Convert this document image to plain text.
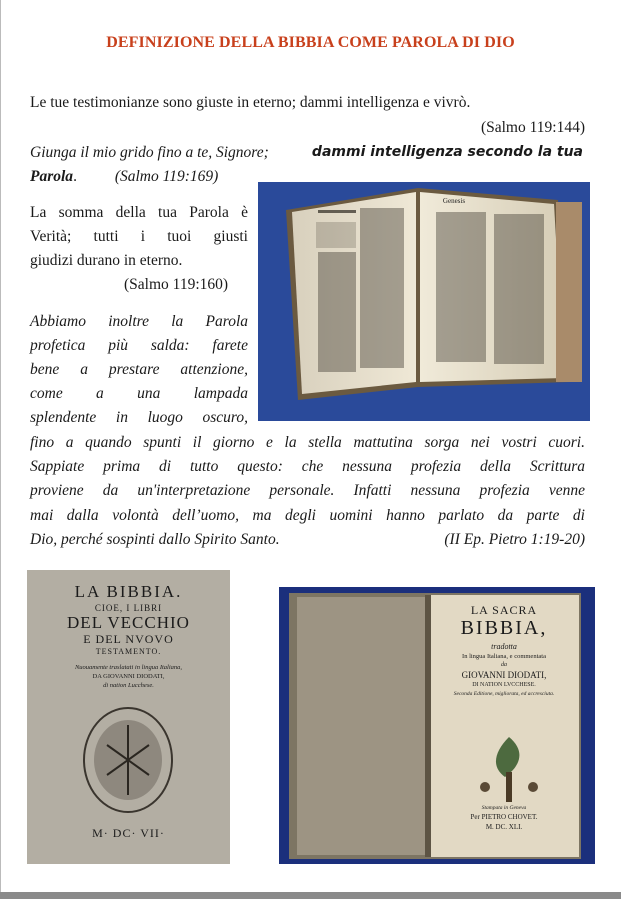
DEFINIZIONE DELLA BIBBIA COME PAROLA DI DIO
Le tue testimonianze sono giuste in eterno; dammi intelligenza e vivrò.
(Salmo 119:144)
Giunga il mio grido fino a te, Signore;	dammi intelligenza secondo la tua
Parola. (Salmo 119:169)
La somma della tua Parola è
Verità; tutti i tuoi giusti
giudizi durano in eterno.
(Salmo 119:160)
Abbiamo inoltre la Parola
profetica più salda: farete
bene a prestare attenzione,
come a una lampada
splendente in luogo oscuro,
fino a quando spunti il giorno e la stella mattutina sorga nei vostri cuori.
Sappiate prima di tutto questo: che nessuna profezia della Scrittura
proviene da un'interpretazione personale. Infatti nessuna profezia venne
mai dalla volontà dell’uomo, ma degli uomini hanno parlato da parte di
Dio, perché sospinti dallo Spirito Santo.	(II Ep. Pietro 1:19-20)
Genesis
LA BIBBIA.
CIOE, I LIBRI
DEL VECCHIO
E DEL NVOVO
TESTAMENTO.
Nuouamente traslatati in lingua Italiana,
DA GIOVANNI DIODATI,
di nation Lucchese.
M· DC· VII·
LA SACRA
BIBBIA,
tradotta
In lingua Italiana, e commentata
da
GIOVANNI DIODATI,
DI NATION LVCCHESE.
Seconda Editione, migliorata, ed accresciuta.
Stampata in Geneva
Per PIETRO CHOVET.
M. DC. XLI.
